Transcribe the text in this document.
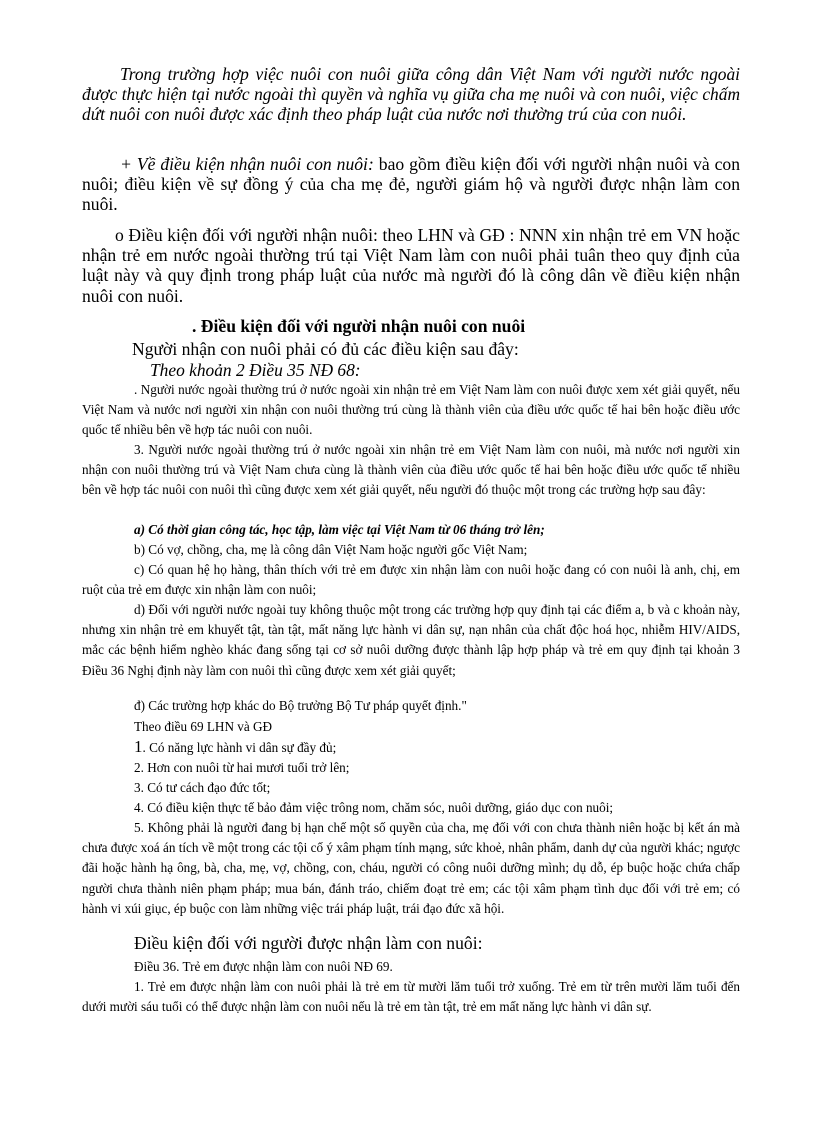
Trong trường hợp việc nuôi con nuôi giữa công dân Việt Nam với người nước ngoài được thực hiện tại nước ngoài thì quyền và nghĩa vụ giữa cha mẹ nuôi và con nuôi, việc chấm dứt nuôi con nuôi được xác định theo pháp luật của nước nơi thường trú của con nuôi.

+ Về điều kiện nhận nuôi con nuôi: bao gồm điều kiện đối với người nhận nuôi và con nuôi; điều kiện về sự đồng ý của cha mẹ đẻ, người giám hộ và người được nhận làm con nuôi.

o Điều kiện đối với người nhận nuôi: theo LHN và GĐ : NNN xin nhận trẻ em VN hoặc nhận trẻ em nước ngoài thường trú tại Việt Nam làm con nuôi phải tuân theo quy định của luật này và quy định trong pháp luật của nước mà người đó là công dân về điều kiện nhận nuôi con nuôi.

. Điều kiện đối với người nhận nuôi con nuôi

Người nhận con nuôi phải có đủ các điều kiện sau đây:

Theo khoản 2 Điều 35 NĐ 68:

. Người nước ngoài thường trú ở nước ngoài xin nhận trẻ em Việt Nam làm con nuôi được xem xét giải quyết, nếu Việt Nam và nước nơi người xin nhận con nuôi thường trú cùng là thành viên của điều ước quốc tế hai bên hoặc điều ước quốc tế nhiều bên về hợp tác nuôi con nuôi.

3. Người nước ngoài thường trú ở nước ngoài xin nhận trẻ em Việt Nam làm con nuôi, mà nước nơi người xin nhận con nuôi thường trú và Việt Nam chưa cùng là thành viên của điều ước quốc tế hai bên hoặc điều ước quốc tế nhiều bên về hợp tác nuôi con nuôi thì cũng được xem xét giải quyết, nếu người đó thuộc một trong các trường hợp sau đây:

a) Có thời gian công tác, học tập, làm việc tại Việt Nam từ 06 tháng trở lên;

b) Có vợ, chồng, cha, mẹ là công dân Việt Nam hoặc người gốc Việt Nam;

c) Có quan hệ họ hàng, thân thích với trẻ em được xin nhận làm con nuôi hoặc đang có con nuôi là anh, chị, em ruột của trẻ em được xin nhận làm con nuôi;

d) Đối với người nước ngoài tuy không thuộc một trong các trường hợp quy định tại các điểm a, b và c khoản này, nhưng xin nhận trẻ em khuyết tật, tàn tật, mất năng lực hành vi dân sự, nạn nhân của chất độc hoá học, nhiễm HIV/AIDS, mắc các bệnh hiểm nghèo khác đang sống tại cơ sở nuôi dưỡng được thành lập hợp pháp và trẻ em quy định tại khoản 3 Điều 36 Nghị định này làm con nuôi thì cũng được xem xét giải quyết;

đ) Các trường hợp khác do Bộ trưởng Bộ Tư pháp quyết định."

Theo điều 69 LHN và GĐ

1. Có năng lực hành vi dân sự đầy đủ;

2. Hơn con nuôi từ hai mươi tuổi trở lên;

3. Có tư cách đạo đức tốt;

4. Có điều kiện thực tế bảo đảm việc trông nom, chăm sóc, nuôi dưỡng, giáo dục con nuôi;

5. Không phải là người đang bị hạn chế một số quyền của cha, mẹ đối với con chưa thành niên hoặc bị kết án mà chưa được xoá án tích về một trong các tội cố ý xâm phạm tính mạng, sức khoẻ, nhân phẩm, danh dự của người khác; ngược đãi hoặc hành hạ ông, bà, cha, mẹ, vợ, chồng, con, cháu, người có công nuôi dưỡng mình; dụ dỗ, ép buộc hoặc chứa chấp người chưa thành niên phạm pháp; mua bán, đánh tráo, chiếm đoạt trẻ em; các tội xâm phạm tình dục đối với trẻ em; có hành vi xúi giục, ép buộc con làm những việc trái pháp luật, trái đạo đức xã hội.

Điều kiện đối với người được nhận làm con nuôi:

Điều 36. Trẻ em được nhận làm con nuôi NĐ 69.

1. Trẻ em được nhận làm con nuôi phải là trẻ em từ mười lăm tuổi trở xuống. Trẻ em từ trên mười lăm tuổi đến dưới mười sáu tuổi có thể được nhận làm con nuôi nếu là trẻ em tàn tật, trẻ em mất năng lực hành vi dân sự.
